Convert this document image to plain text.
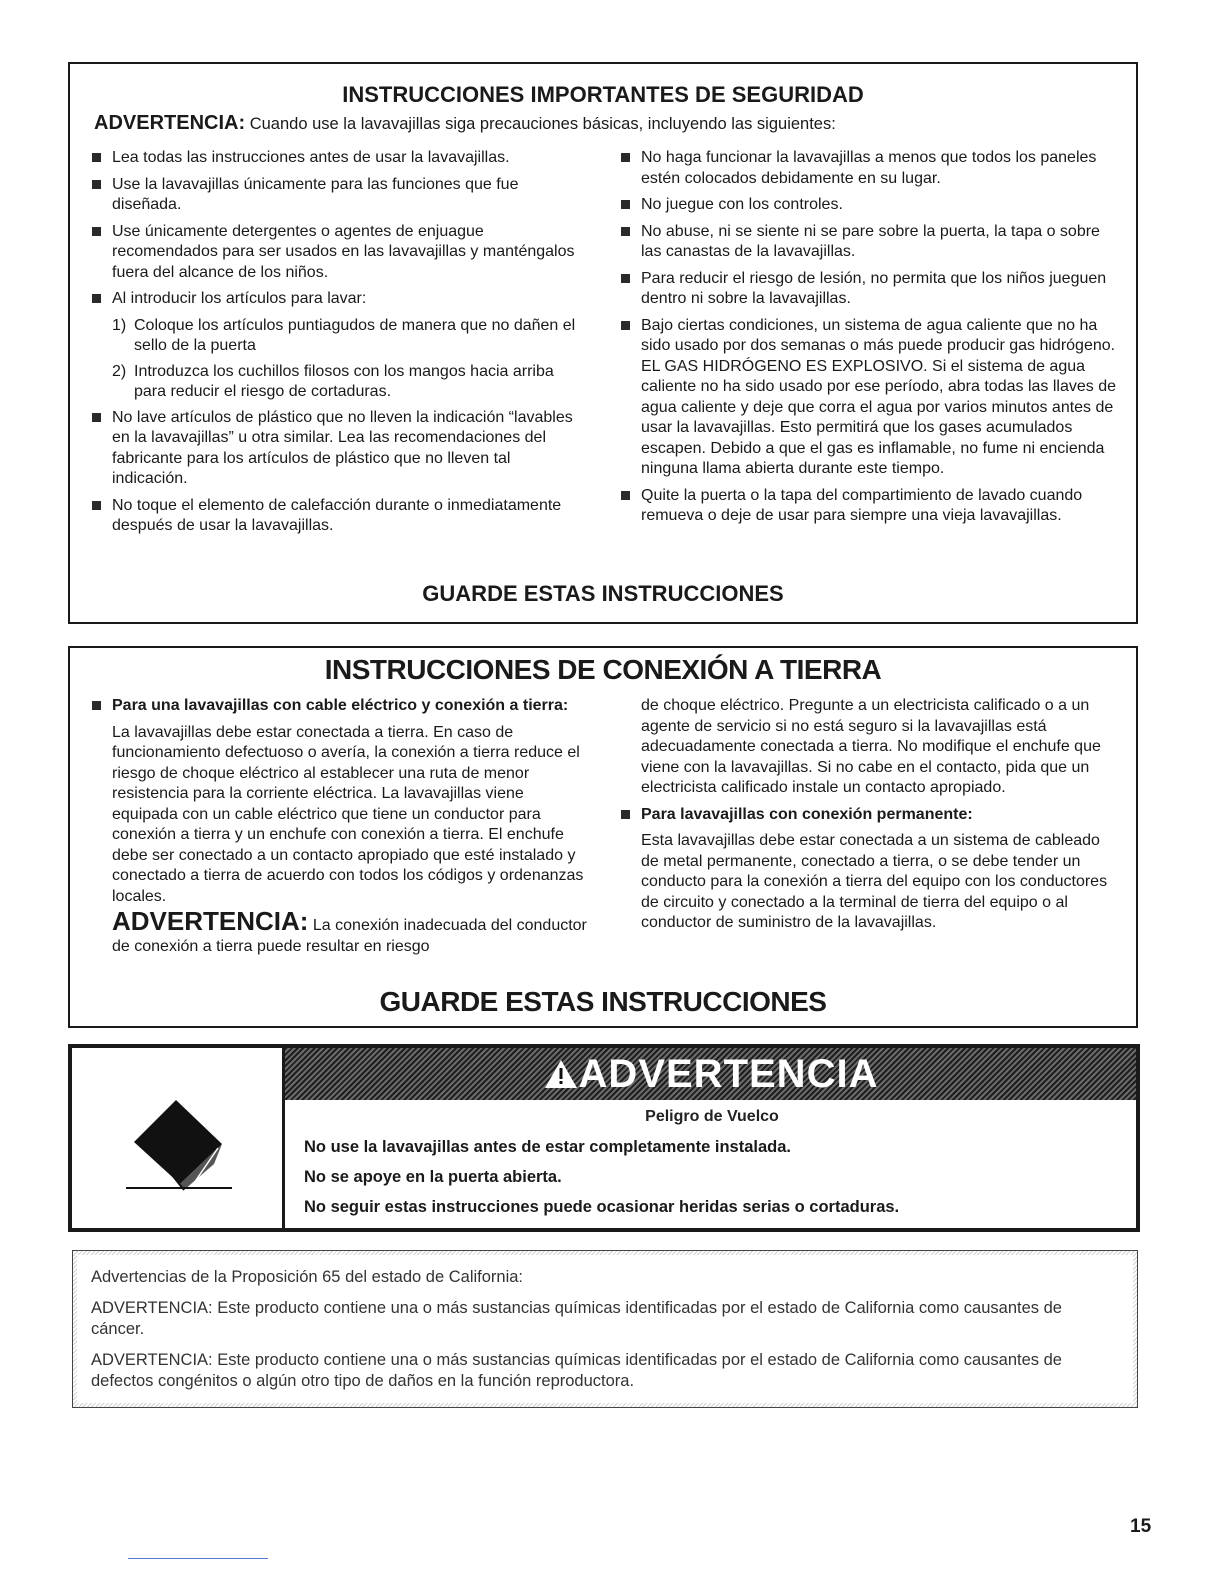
INSTRUCCIONES IMPORTANTES DE SEGURIDAD
ADVERTENCIA: Cuando use la lavavajillas siga precauciones básicas, incluyendo las siguientes:
Lea todas las instrucciones antes de usar la lavavajillas.
Use la lavavajillas únicamente para las funciones que fue diseñada.
Use únicamente detergentes o agentes de enjuague recomendados para ser usados en las lavavajillas y manténgalos fuera del alcance de los niños.
Al introducir los artículos para lavar:
1) Coloque los artículos puntiagudos de manera que no dañen el sello de la puerta
2) Introduzca los cuchillos filosos con los mangos hacia arriba para reducir el riesgo de cortaduras.
No lave artículos de plástico que no lleven la indicación “lavables en la lavavajillas” u otra similar. Lea las recomendaciones del fabricante para los artículos de plástico que no lleven tal indicación.
No toque el elemento de calefacción durante o inmediatamente después de usar la lavavajillas.
No haga funcionar la lavavajillas a menos que todos los paneles estén colocados debidamente en su lugar.
No juegue con los controles.
No abuse, ni se siente ni se pare sobre la puerta, la tapa o sobre las canastas de la lavavajillas.
Para reducir el riesgo de lesión, no permita que los niños jueguen dentro ni sobre la lavavajillas.
Bajo ciertas condiciones, un sistema de agua caliente que no ha sido usado por dos semanas o más puede producir gas hidrógeno. EL GAS HIDRÓGENO ES EXPLOSIVO. Si el sistema de agua caliente no ha sido usado por ese período, abra todas las llaves de agua caliente y deje que corra el agua por varios minutos antes de usar la lavavajillas. Esto permitirá que los gases acumulados escapen. Debido a que el gas es inflamable, no fume ni encienda ninguna llama abierta durante este tiempo.
Quite la puerta o la tapa del compartimiento de lavado cuando remueva o deje de usar para siempre una vieja lavavajillas.
GUARDE ESTAS INSTRUCCIONES
INSTRUCCIONES DE CONEXIÓN A TIERRA
Para una lavavajillas con cable eléctrico y conexión a tierra:
La lavavajillas debe estar conectada a tierra. En caso de funcionamiento defectuoso o avería, la conexión a tierra reduce el riesgo de choque eléctrico al establecer una ruta de menor resistencia para la corriente eléctrica. La lavavajillas viene equipada con un cable eléctrico que tiene un conductor para conexión a tierra y un enchufe con conexión a tierra. El enchufe debe ser conectado a un contacto apropiado que esté instalado y conectado a tierra de acuerdo con todos los códigos y ordenanzas locales.
ADVERTENCIA: La conexión inadecuada del conductor de conexión a tierra puede resultar en riesgo
de choque eléctrico. Pregunte a un electricista calificado o a un agente de servicio si no está seguro si la lavavajillas está adecuadamente conectada a tierra. No modifique el enchufe que viene con la lavavajillas. Si no cabe en el contacto, pida que un electricista calificado instale un contacto apropiado.
Para lavavajillas con conexión permanente:
Esta lavavajillas debe estar conectada a un sistema de cableado de metal permanente, conectado a tierra, o se debe tender un conducto para la conexión a tierra del equipo con los conductores de circuito y conectado a la terminal de tierra del equipo o al conductor de suministro de la lavavajillas.
GUARDE ESTAS INSTRUCCIONES
ADVERTENCIA
Peligro de Vuelco
No use la lavavajillas antes de estar completamente instalada.
No se apoye en la puerta abierta.
No seguir estas instrucciones puede ocasionar heridas serias o cortaduras.

Advertencias de la Proposición 65 del estado de California:

ADVERTENCIA: Este producto contiene una o más sustancias químicas identificadas por el estado de California como causantes de cáncer.

ADVERTENCIA: Este producto contiene una o más sustancias químicas identificadas por el estado de California como causantes de defectos congénitos o algún otro tipo de daños en la función reproductora.

15
